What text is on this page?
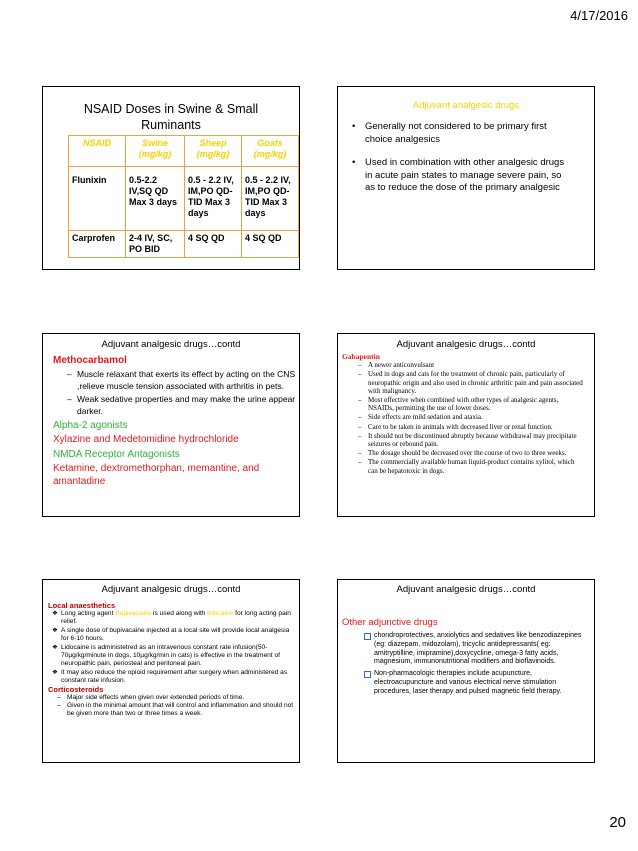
4/17/2016
NSAID Doses in Swine & Small
Ruminants
NSAID	Swine (mg/kg)	Sheep (mg/kg)	Goats (mg/kg)
Flunixin	0.5-2.2 IV,SQ QD Max 3 days	0.5 - 2.2 IV, IM,PO QD- TID Max 3 days	0.5 - 2.2 IV, IM,PO QD- TID Max 3 days
Carprofen	2-4 IV, SC, PO BID	4 SQ QD	4 SQ QD
Adjuvant analgesic drugs
• Generally not considered to be primary first choice analgesics
• Used in combination with other analgesic drugs in acute pain states to manage severe pain, so as to reduce the dose of the primary analgesic
Adjuvant analgesic drugs…contd
Methocarbamol
– Muscle relaxant that exerts its effect by acting on the CNS ,relieve muscle tension associated with arthritis in pets.
– Weak sedative properties and may make the urine appear darker.
Alpha-2 agonists
Xylazine and Medetomidine hydrochloride
NMDA Receptor Antagonists
Ketamine, dextromethorphan, memantine, and amantadine
Adjuvant analgesic drugs…contd
Gabapentin
– A newer anticonvulsant
– Used in dogs and cats for the treatment of chronic pain, particularly of neuropathic origin and also used in chronic arthritic pain and pain associated with malignancy.
– Most effective when combined with other types of analgesic agents, NSAIDs, permitting the use of lower doses.
– Side effects are mild sedation and ataxia.
– Care to be taken in animals with decreased liver or renal function.
– It should not be discontinued abruptly because withdrawal may precipitate seizures or rebound pain.
– The dosage should be decreased over the course of two to three weeks.
– The commercially available human liquid-product contains xylitol, which can be hepatotoxic in dogs.
Adjuvant analgesic drugs…contd
Local anaesthetics
❖ Long acting agent Bupivacaine is used along with lidocaine for long acting pain relief.
❖ A single dose of bupivacaine injected at a local site will provide local analgesia for 6-10 hours.
❖ Lidocaine is administetred as an intravenous constant rate infusion(50-70µg/kg/minute in dogs, 10µg/kg/min in cats) is effective in the treatment of neuropathic pain, periosteal and peritoneal pain.
❖ It may also reduce the opioid requirement after surgery when administered as constant rate infusion.
Corticosteroids
– Major side effects when given over extended periods of time.
– Given in the minimal amount that will control and inflammation and should not be given more than two or three times a week.
Adjuvant analgesic drugs…contd
Other adjunctive drugs
chondroprotectives, anxiolytics and sedatives like benzodiazepines (eg: diazepam, midozolam), tricyclic antidepressants( eg: amitryptilline, imipramine),doxycycline, omega-3 fatty acids, magnesium, immunonutritional modifiers and bioflavinoids.
Non-pharmacologic therapies include acupuncture, electroacupuncture and various electrical nerve stimulation procedures, laser therapy and pulsed magnetic field therapy.
20
